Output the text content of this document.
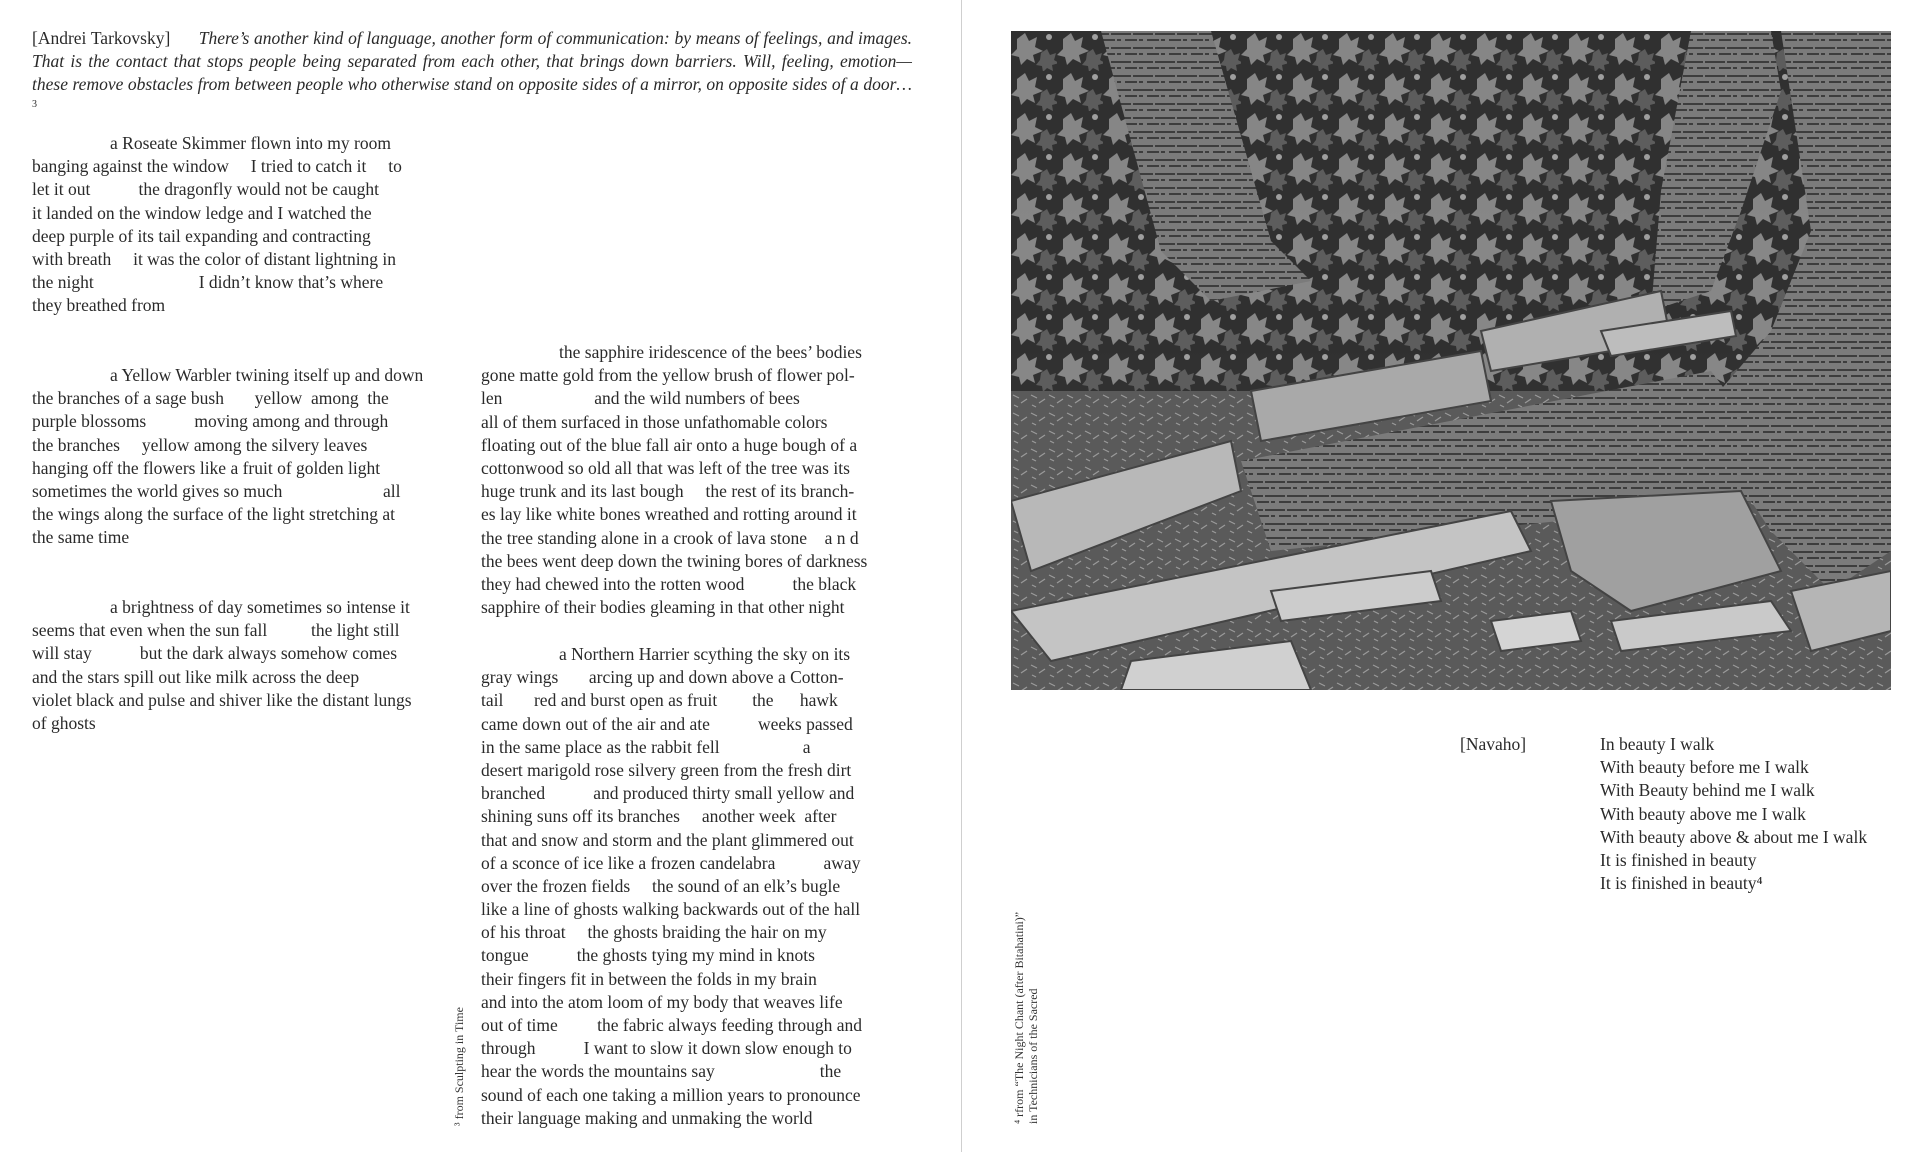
[Andrei Tarkovsky] There’s another kind of language, another form of communication: by means of feelings, and images. That is the contact that stops people being separated from each other, that brings down barriers. Will, feeling, emotion—these remove obstacles from between people who otherwise stand on opposite sides of a mirror, on opposite sides of a door…$^3$
a Roseate Skimmer flown into my room
banging against the window     I tried to catch it     to
let it out           the dragonfly would not be caught
it landed on the window ledge and I watched the
deep purple of its tail expanding and contracting
with breath     it was the color of distant lightning in
the night                        I didn’t know that’s where
they breathed from
a Yellow Warbler twining itself up and down
the branches of a sage bush       yellow  among  the
purple blossoms           moving among and through
the branches     yellow among the silvery leaves
hanging off the flowers like a fruit of golden light
sometimes the world gives so much                       all
the wings along the surface of the light stretching at
the same time
a brightness of day sometimes so intense it
seems that even when the sun fall          the light still
will stay           but the dark always somehow comes
and the stars spill out like milk across the deep
violet black and pulse and shiver like the distant lungs
of ghosts
the sapphire iridescence of the bees’ bodies
gone matte gold from the yellow brush of flower pol-
len                     and the wild numbers of bees
all of them surfaced in those unfathomable colors
floating out of the blue fall air onto a huge bough of a
cottonwood so old all that was left of the tree was its
huge trunk and its last bough     the rest of its branch-
es lay like white bones wreathed and rotting around it
the tree standing alone in a crook of lava stone    a n d
the bees went deep down the twining bores of darkness
they had chewed into the rotten wood           the black
sapphire of their bodies gleaming in that other night
a Northern Harrier scything the sky on its
gray wings       arcing up and down above a Cotton-
tail       red and burst open as fruit        the      hawk
came down out of the air and ate           weeks passed
in the same place as the rabbit fell                   a
desert marigold rose silvery green from the fresh dirt
branched           and produced thirty small yellow and
shining suns off its branches     another week  after
that and snow and storm and the plant glimmered out
of a sconce of ice like a frozen candelabra           away
over the frozen fields     the sound of an elk’s bugle
like a line of ghosts walking backwards out of the hall
of his throat     the ghosts braiding the hair on my
tongue           the ghosts tying my mind in knots
their fingers fit in between the folds in my brain
and into the atom loom of my body that weaves life
out of time         the fabric always feeding through and
through           I want to slow it down slow enough to
hear the words the mountains say                        the
sound of each one taking a million years to pronounce
their language making and unmaking the world
³ from Sculpting in Time	⁴ rfrom “The Night Chant (after Bitahatini)” in Technicians of the Sacred
[Navaho]	In beauty I walk
With beauty before me I walk
With Beauty behind me I walk
With beauty above me I walk
With beauty above & about me I walk
It is finished in beauty
It is finished in beauty⁴
